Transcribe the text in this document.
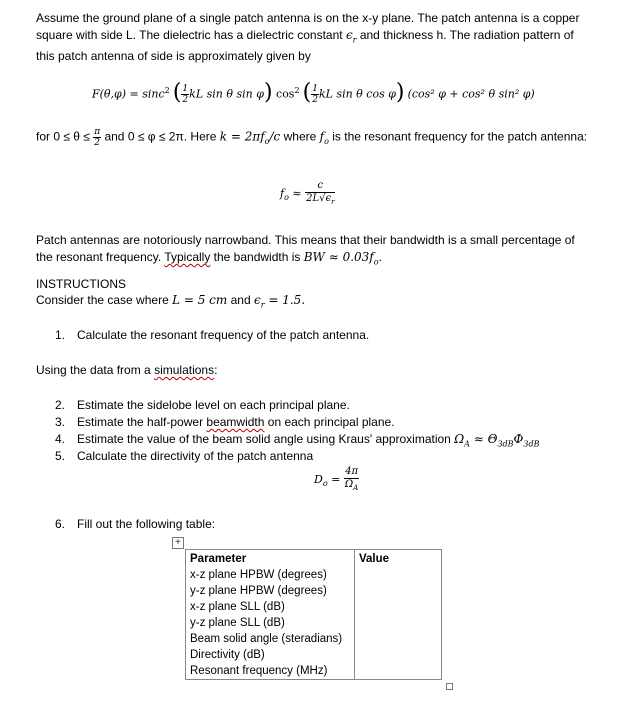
Assume the ground plane of a single patch antenna is on the x-y plane. The patch antenna is a copper square with side L. The dielectric has a dielectric constant $\epsilon_r$ and thickness h. The radiation pattern of this patch antenna of side is approximately given by

F(θ,φ) = sinc$^2$ ( $\frac{1}{2}$ kL sin θ sin φ) $\cos^2$ ( $\frac{1}{2}$ kL sin θ cos φ) (cos² φ + cos² θ sin² φ)

for $0 \le \theta \le \frac{\pi}{2}$ and 0 ≤ φ ≤ 2π. Here $k = 2\pi f_o/c$ where $f_o$ is the resonant frequency for the patch antenna:

$f_o \approx \frac{c}{2L√\epsilon_r}$

Patch antennas are notoriously narrowband. This means that their bandwidth is a small percentage of the resonant frequency. Typically the bandwidth is BW ≈ $0.03f_o$.

INSTRUCTIONS
Consider the case where L = 5 cm and $\epsilon_r = 1.5$.
1. Calculate the resonant frequency of the patch antenna.
Using the data from a simulations:
2. Estimate the sidelobe level on each principal plane.
3. Estimate the half-power beamwidth on each principal plane.
4. Estimate the value of the beam solid angle using Kraus' approximation $\Omega_A \approx \Theta_{3dB}\Phi_{3dB}$
5. Calculate the directivity of the patch antenna
$D_o = \frac{4\pi}{\Omega_A}$
6. Fill out the following table:
+
Parameter	Value
x-z plane HPBW (degrees)	
y-z plane HPBW (degrees)	
x-z plane SLL (dB)	
y-z plane SLL (dB)	
Beam solid angle (steradians)	
Directivity (dB)	
Resonant frequency (MHz)	
